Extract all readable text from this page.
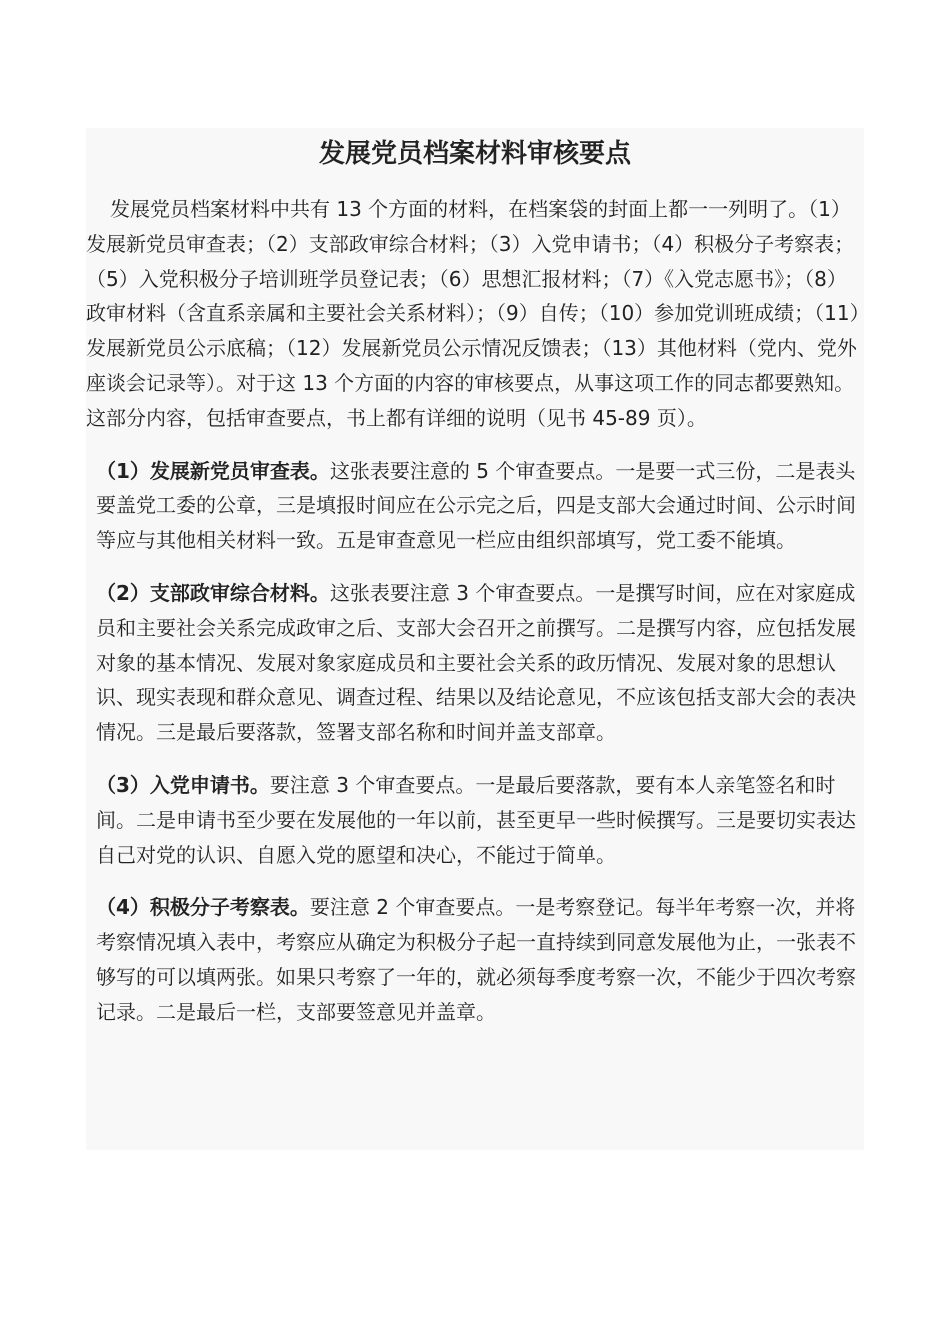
发展党员档案材料审核要点

发展党员档案材料中共有 13 个方面的材料，在档案袋的封面上都一一列明了。（1）发展新党员审查表；（2）支部政审综合材料；（3）入党申请书；（4）积极分子考察表；（5）入党积极分子培训班学员登记表；（6）思想汇报材料；（7）《入党志愿书》；（8）政审材料（含直系亲属和主要社会关系材料）；（9）自传；（10）参加党训班成绩；（11）发展新党员公示底稿；（12）发展新党员公示情况反馈表；（13）其他材料（党内、党外座谈会记录等）。对于这 13 个方面的内容的审核要点，从事这项工作的同志都要熟知。这部分内容，包括审查要点，书上都有详细的说明（见书 45-89 页）。

（1）发展新党员审查表。这张表要注意的 5 个审查要点。一是要一式三份，二是表头要盖党工委的公章，三是填报时间应在公示完之后，四是支部大会通过时间、公示时间等应与其他相关材料一致。五是审查意见一栏应由组织部填写，党工委不能填。

（2）支部政审综合材料。这张表要注意 3 个审查要点。一是撰写时间，应在对家庭成员和主要社会关系完成政审之后、支部大会召开之前撰写。二是撰写内容，应包括发展对象的基本情况、发展对象家庭成员和主要社会关系的政历情况、发展对象的思想认识、现实表现和群众意见、调查过程、结果以及结论意见，不应该包括支部大会的表决情况。三是最后要落款，签署支部名称和时间并盖支部章。

（3）入党申请书。要注意 3 个审查要点。一是最后要落款，要有本人亲笔签名和时间。二是申请书至少要在发展他的一年以前，甚至更早一些时候撰写。三是要切实表达自己对党的认识、自愿入党的愿望和决心，不能过于简单。

（4）积极分子考察表。要注意 2 个审查要点。一是考察登记。每半年考察一次，并将考察情况填入表中，考察应从确定为积极分子起一直持续到同意发展他为止，一张表不够写的可以填两张。如果只考察了一年的，就必须每季度考察一次，不能少于四次考察记录。二是最后一栏，支部要签意见并盖章。
